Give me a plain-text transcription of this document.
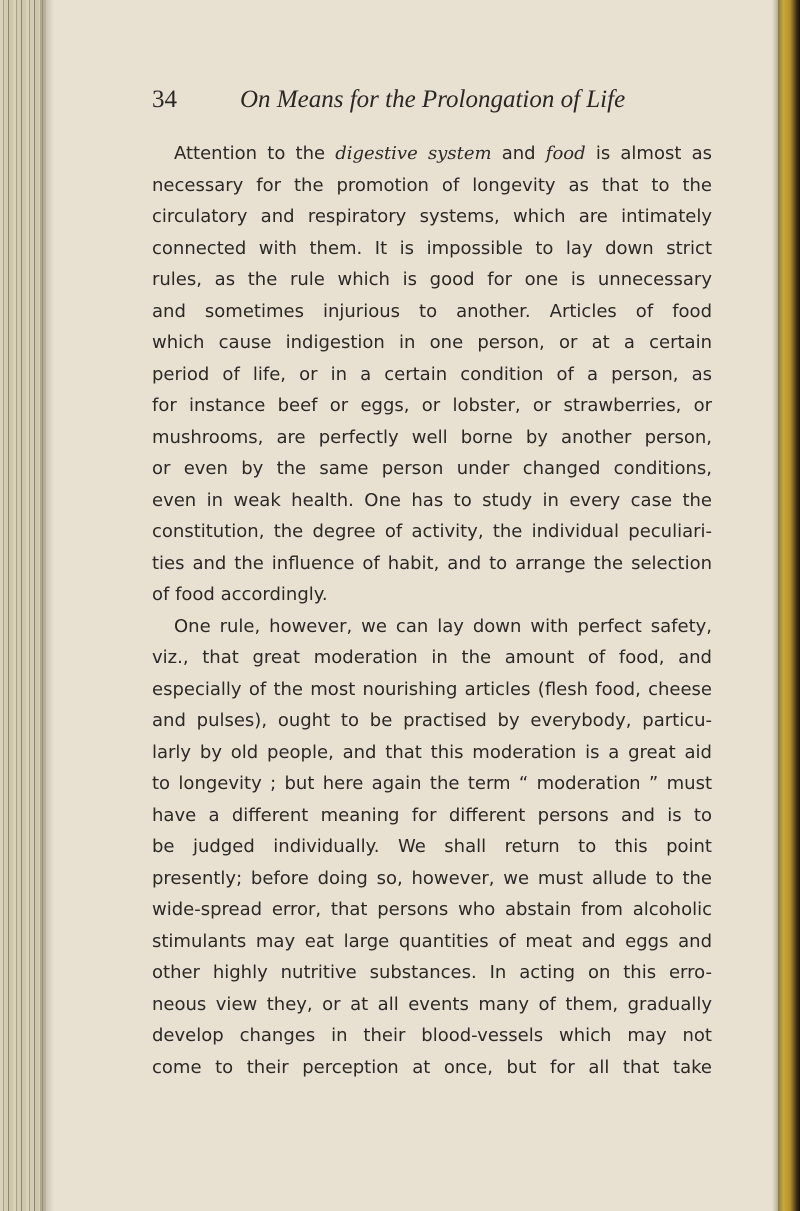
34	On Means for the Prolongation of Life
Attention to the digestive system and food is almost as
necessary for the promotion of longevity as that to the
circulatory and respiratory systems, which are intimately
connected with them. It is impossible to lay down strict
rules, as the rule which is good for one is unnecessary
and sometimes injurious to another. Articles of food
which cause indigestion in one person, or at a certain
period of life, or in a certain condition of a person, as
for instance beef or eggs, or lobster, or strawberries, or
mushrooms, are perfectly well borne by another person,
or even by the same person under changed conditions,
even in weak health. One has to study in every case the
constitution, the degree of activity, the individual peculiari-
ties and the influence of habit, and to arrange the selection
of food accordingly.
One rule, however, we can lay down with perfect safety,
viz., that great moderation in the amount of food, and
especially of the most nourishing articles (flesh food, cheese
and pulses), ought to be practised by everybody, particu-
larly by old people, and that this moderation is a great aid
to longevity ; but here again the term “ moderation ” must
have a different meaning for different persons and is to
be judged individually. We shall return to this point
presently; before doing so, however, we must allude to the
wide-spread error, that persons who abstain from alcoholic
stimulants may eat large quantities of meat and eggs and
other highly nutritive substances. In acting on this erro-
neous view they, or at all events many of them, gradually
develop changes in their blood-vessels which may not
come to their perception at once, but for all that take
